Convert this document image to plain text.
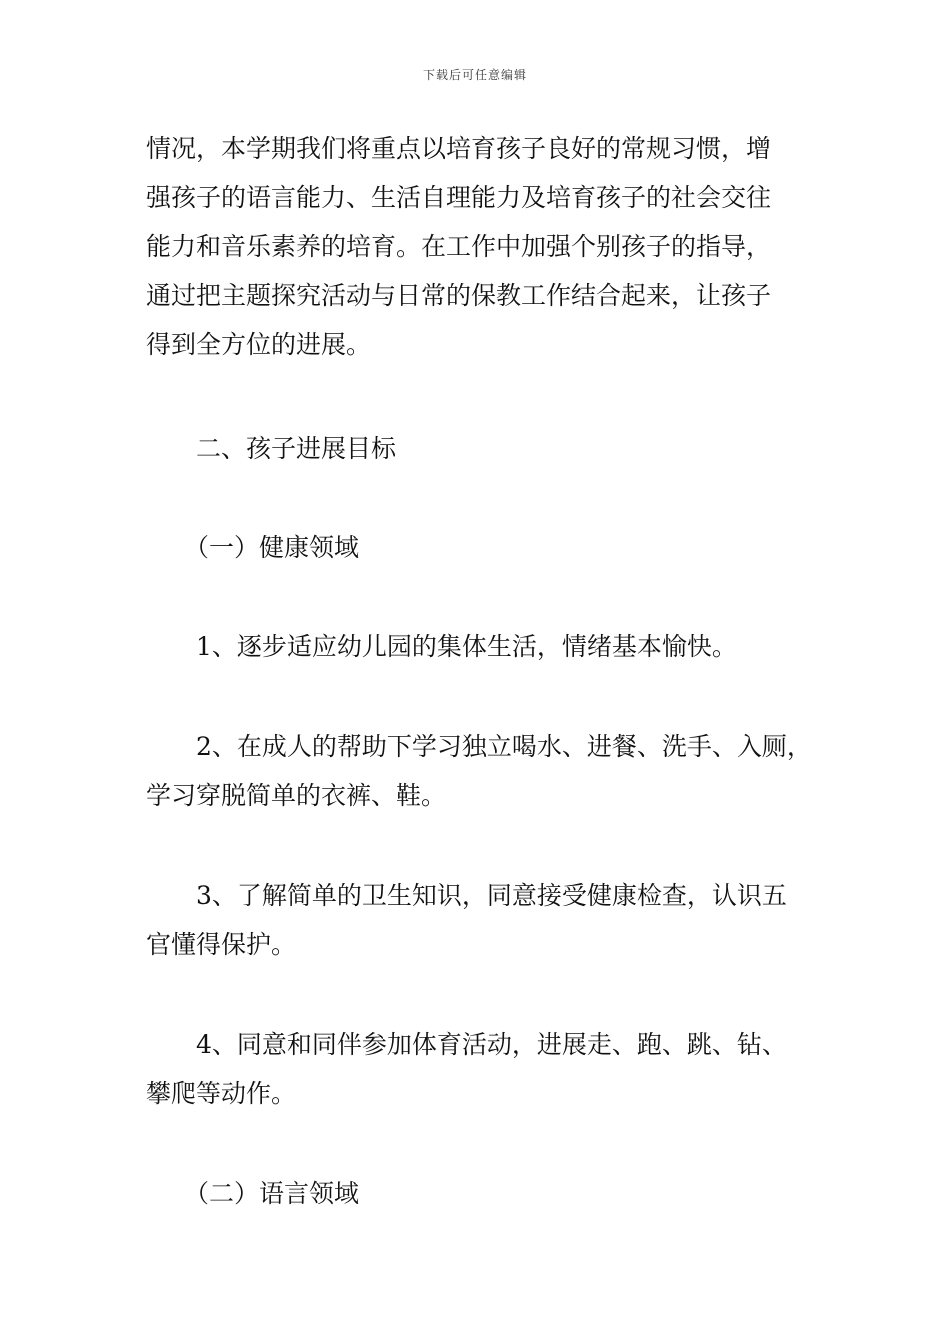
下载后可任意编辑
情况，本学期我们将重点以培育孩子良好的常规习惯，增
强孩子的语言能力、生活自理能力及培育孩子的社会交往
能力和音乐素养的培育。在工作中加强个别孩子的指导，
通过把主题探究活动与日常的保教工作结合起来，让孩子
得到全方位的进展。
二、孩子进展目标
（一）健康领域
1、逐步适应幼儿园的集体生活，情绪基本愉快。
2、在成人的帮助下学习独立喝水、进餐、洗手、入厕，
学习穿脱简单的衣裤、鞋。
3、了解简单的卫生知识，同意接受健康检查，认识五
官懂得保护。
4、同意和同伴参加体育活动，进展走、跑、跳、钻、
攀爬等动作。
（二）语言领域
